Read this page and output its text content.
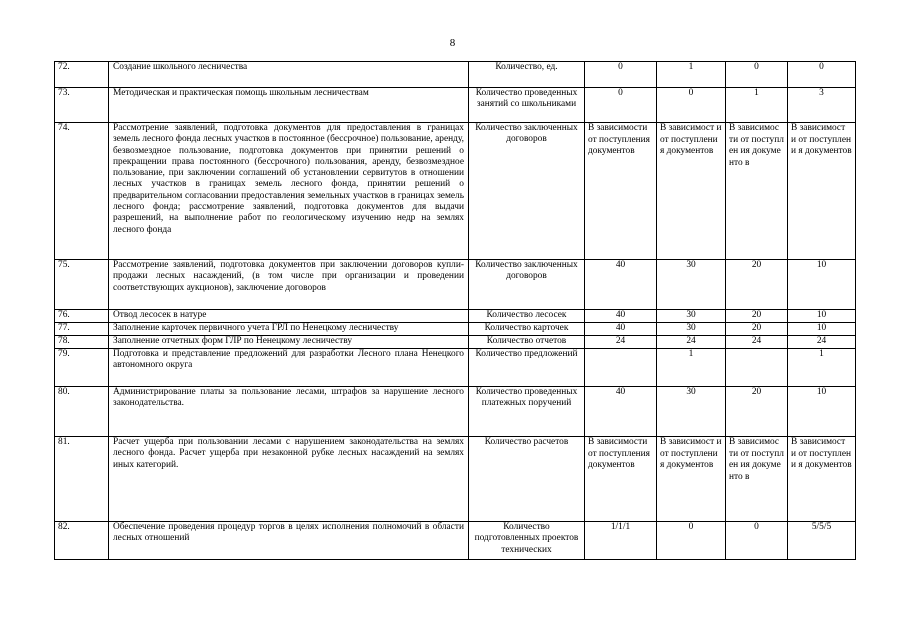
8
72.	Создание школьного лесничества	Количество, ед.	0	1	0	0
73.	Методическая и практическая помощь школьным лесничествам	Количество проведенных занятий со школьниками	0	0	1	3
74.	Рассмотрение заявлений, подготовка документов для предоставления в границах земель лесного фонда лесных участков в постоянное (бессрочное) пользование, аренду, безвозмездное пользование, подготовка документов при принятии решений о прекращении права постоянного (бессрочного) пользования, аренду, безвозмездное пользование, при заключении соглашений об установлении сервитутов в отношении лесных участков в границах земель лесного фонда, принятии решений о предварительном согласовании предоставления земельных участков в границах земель лесного фонда; рассмотрение заявлений, подготовка документов для выдачи разрешений, на выполнение работ по геологическому изучению недр на землях лесного фонда	Количество заключенных договоров	В зависимости от поступления документов	В зависимост и от поступлени я документов	В зависимос ти от поступлен ия документо в	В зависимост и от поступлени я документов
75.	Рассмотрение заявлений, подготовка документов при заключении договоров купли-продажи лесных насаждений, (в том числе при организации и проведении соответствующих аукционов), заключение договоров	Количество заключенных договоров	40	30	20	10
76.	Отвод лесосек в натуре	Количество лесосек	40	30	20	10
77.	Заполнение карточек первичного учета ГРЛ по Ненецкому лесничеству	Количество карточек	40	30	20	10
78.	Заполнение отчетных форм ГЛР по Ненецкому лесничеству	Количество отчетов	24	24	24	24
79.	Подготовка и представление предложений для разработки Лесного плана Ненецкого автономного округа	Количество предложений		1		1
80.	Администрирование платы за пользование лесами, штрафов за нарушение лесного законодательства.	Количество проведенных платежных поручений	40	30	20	10
81.	Расчет ущерба при пользовании лесами с нарушением законодательства на землях лесного фонда. Расчет ущерба при незаконной рубке лесных насаждений на землях иных категорий.	Количество расчетов	В зависимости от поступления документов	В зависимост и от поступлени я документов	В зависимос ти от поступлен ия документо в	В зависимост и от поступлени я документов
82.	Обеспечение проведения процедур торгов в целях исполнения полномочий в области лесных отношений	Количество подготовленных проектов технических	1/1/1	0	0	5/5/5
